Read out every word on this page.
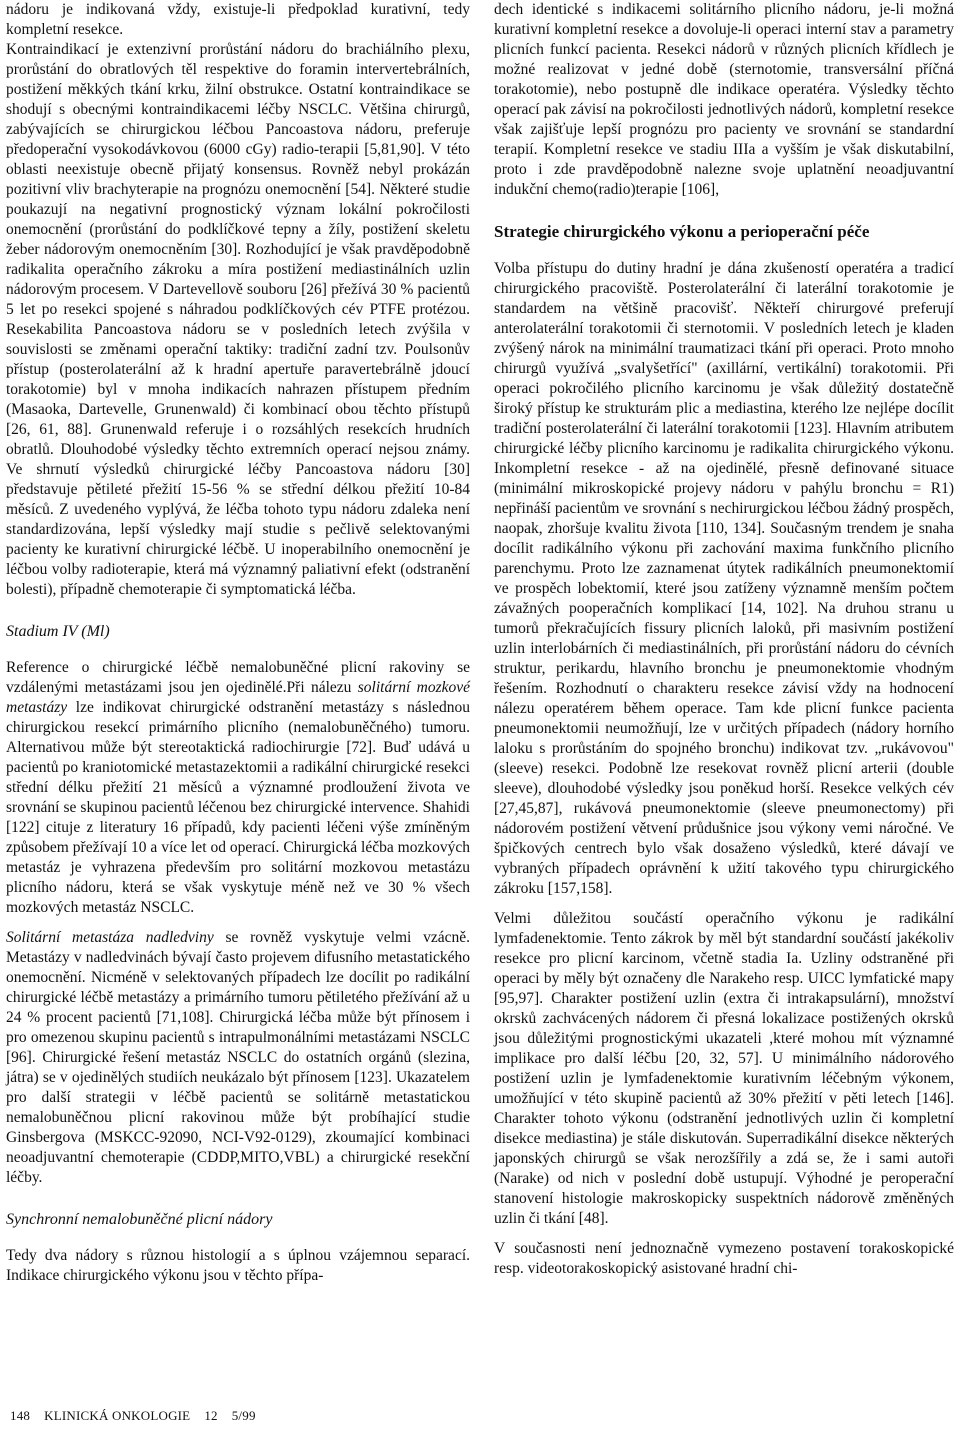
nádoru je indikovaná vždy, existuje-li předpoklad kurativní, tedy kompletní resekce.

Kontraindikací je extenzivní prorůstání nádoru do brachiálního plexu, prorůstání do obratlových těl respektive do foramin intervertebrálních, postižení měkkých tkání krku, žilní obstrukce. Ostatní kontraindikace se shodují s obecnými kontraindikacemi léčby NSCLC. Většina chirurgů, zabývajících se chirurgickou léčbou Pancoastova nádoru, preferuje předoperační vysokodávkovou (6000 cGy) radio-terapii [5,81,90]. V této oblasti neexistuje obecně přijatý konsensus. Rovněž nebyl prokázán pozitivní vliv brachyterapie na prognózu onemocnění [54]. Některé studie poukazují na negativní prognostický význam lokální pokročilosti onemocnění (prorůstání do podklíčkové tepny a žíly, postižení skeletu žeber nádorovým onemocněním [30]. Rozhodující je však pravděpodobně radikalita operačního zákroku a míra postižení mediastinálních uzlin nádorovým procesem. V Dartevellově souboru [26] přežívá 30 % pacientů 5 let po resekci spojené s náhradou podklíčkových cév PTFE protézou. Resekabilita Pancoastova nádoru se v posledních letech zvýšila v souvislosti se změnami operační taktiky: tradiční zadní tzv. Poulsonův přístup (posterolaterální až k hradní apertuře paravertebrálně jdoucí torakotomie) byl v mnoha indikacích nahrazen přístupem předním (Masaoka, Dartevelle, Grunenwald) či kombinací obou těchto přístupů [26, 61, 88]. Grunenwald referuje i o rozsáhlých resekcích hrudních obratlů. Dlouhodobé výsledky těchto extremních operací nejsou známy. Ve shrnutí výsledků chirurgické léčby Pancoastova nádoru [30] představuje pětileté přežití 15-56 % se střední délkou přežití 10-84 měsíců. Z uvedeného vyplývá, že léčba tohoto typu nádoru zdaleka není standardizována, lepší výsledky mají studie s pečlivě selektovanými pacienty ke kurativní chirurgické léčbě. U inoperabilního onemocnění je léčbou volby radioterapie, která má významný paliativní efekt (odstranění bolesti), případně chemoterapie či symptomatická léčba.

Stadium IV (Ml)

Reference o chirurgické léčbě nemalobuněčné plicní rakoviny se vzdálenými metastázami jsou jen ojedinělé.Při nálezu solitární mozkové metastázy lze indikovat chirurgické odstranění metastázy s následnou chirurgickou resekcí primárního plicního (nemalobuněčného) tumoru. Alternativou může být stereotaktická radiochirurgie [72]. Buď udává u pacientů po kraniotomické metastazektomii a radikální chirurgické resekci střední délku přežití 21 měsíců a významné prodloužení života ve srovnání se skupinou pacientů léčenou bez chirurgické intervence. Shahidi [122] cituje z literatury 16 případů, kdy pacienti léčeni výše zmíněným způsobem přežívají 10 a více let od operací. Chirurgická léčba mozkových metastáz je vyhrazena především pro solitární mozkovou metastázu plicního nádoru, která se však vyskytuje méně než ve 30 % všech mozkových metastáz NSCLC.

Solitární metastáza nadledviny se rovněž vyskytuje velmi vzácně. Metastázy v nadledvinách bývají často projevem difusního metastatického onemocnění. Nicméně v selektovaných případech lze docílit po radikální chirurgické léčbě metastázy a primárního tumoru pětiletého přežívání až u 24 % procent pacientů [71,108]. Chirurgická léčba může být přínosem i pro omezenou skupinu pacientů s intrapulmonálními metastázami NSCLC [96]. Chirurgické řešení metastáz NSCLC do ostatních orgánů (slezina, játra) se v ojedinělých studiích neukázalo být přínosem [123]. Ukazatelem pro další strategii v léčbě pacientů se solitárně metastatickou nemalobuněčnou plicní rakovinou může být probíhající studie Ginsbergova (MSKCC-92090, NCI-V92-0129), zkoumající kombinaci neoadjuvantní chemoterapie (CDDP,MITO,VBL) a chirurgické resekční léčby.

Synchronní nemalobuněčné plicní nádory

Tedy dva nádory s různou histologií a s úplnou vzájemnou separací. Indikace chirurgického výkonu jsou v těchto přípa-

dech identické s indikacemi solitárního plicního nádoru, je-li možná kurativní kompletní resekce a dovoluje-li operaci interní stav a parametry plicních funkcí pacienta. Resekci nádorů v různých plicních křídlech je možné realizovat v jedné době (sternotomie, transversální příčná torakotomie), nebo postupně dle indikace operatéra. Výsledky těchto operací pak závisí na pokročilosti jednotlivých nádorů, kompletní resekce však zajišťuje lepší prognózu pro pacienty ve srovnání se standardní terapií. Kompletní resekce ve stadiu IIIa a vyšším je však diskutabilní, proto i zde pravděpodobně nalezne svoje uplatnění neoadjuvantní indukční chemo(radio)terapie [106],

Strategie chirurgického výkonu a perioperační péče

Volba přístupu do dutiny hradní je dána zkušeností operatéra a tradicí chirurgického pracoviště. Posterolaterální či laterální torakotomie je standardem na většině pracovišť. Někteří chirurgové preferují anterolaterální torakotomii či sternotomii. V posledních letech je kladen zvýšený nárok na minimální traumatizaci tkání při operaci. Proto mnoho chirurgů využívá „svalyšetřící" (axillární, vertikální) torakotomii. Při operaci pokročilého plicního karcinomu je však důležitý dostatečně široký přístup ke strukturám plic a mediastina, kterého lze nejlépe docílit tradiční posterolaterální či laterální torakotomii [123]. Hlavním atributem chirurgické léčby plicního karcinomu je radikalita chirurgického výkonu. Inkompletní resekce - až na ojedinělé, přesně definované situace (minimální mikroskopické projevy nádoru v pahýlu bronchu = R1) nepřináší pacientům ve srovnání s nechirurgickou léčbou žádný prospěch, naopak, zhoršuje kvalitu života [110, 134]. Současným trendem je snaha docílit radikálního výkonu při zachování maxima funkčního plicního parenchymu. Proto lze zaznamenat útytek radikálních pneumonektomií ve prospěch lobektomií, které jsou zatíženy významně menším počtem závažných pooperačních komplikací [14, 102]. Na druhou stranu u tumorů překračujících fissury plicních laloků, při masivním postižení uzlin interlobárních či mediastinálních, při prorůstání nádoru do cévních struktur, perikardu, hlavního bronchu je pneumonektomie vhodným řešením. Rozhodnutí o charakteru resekce závisí vždy na hodnocení nálezu operatérem během operace. Tam kde plicní funkce pacienta pneumonektomii neumožňují, lze v určitých případech (nádory horního laloku s prorůstáním do spojného bronchu) indikovat tzv. „rukávovou" (sleeve) resekci. Podobně lze resekovat rovněž plicní arterii (double sleeve), dlouhodobé výsledky jsou poněkud horší. Resekce velkých cév [27,45,87], rukávová pneumonektomie (sleeve pneumonectomy) při nádorovém postižení větvení průdušnice jsou výkony vemi náročné. Ve špičkových centrech bylo však dosaženo výsledků, které dávají ve vybraných případech oprávnění k užití takového typu chirurgického zákroku [157,158].

Velmi důležitou součástí operačního výkonu je radikální lymfadenektomie. Tento zákrok by měl být standardní součástí jakékoliv resekce pro plicní karcinom, včetně stadia Ia. Uzliny odstraněné při operaci by měly být označeny dle Narakeho resp. UICC lymfatické mapy [95,97]. Charakter postižení uzlin (extra či intrakapsulární), množství okrsků zachvácených nádorem či přesná lokalizace postižených okrsků jsou důležitými prognostickými ukazateli ,které mohou mít významné implikace pro další léčbu [20, 32, 57]. U minimálního nádorového postižení uzlin je lymfadenektomie kurativním léčebným výkonem, umožňující v této skupině pacientů až 30% přežití v pěti letech [146]. Charakter tohoto výkonu (odstranění jednotlivých uzlin či kompletní disekce mediastina) je stále diskutován. Superradikální disekce některých japonských chirurgů se však nerozšířily a zdá se, že i sami autoři (Narake) od nich v poslední době ustupují. Výhodné je peroperační stanovení histologie makroskopicky suspektních nádorově změněných uzlin či tkání [48].

V současnosti není jednoznačně vymezeno postavení torakoskopické resp. videotorakoskopický asistované hradní chi-

148 KLINICKÁ ONKOLOGIE 12 5/99
